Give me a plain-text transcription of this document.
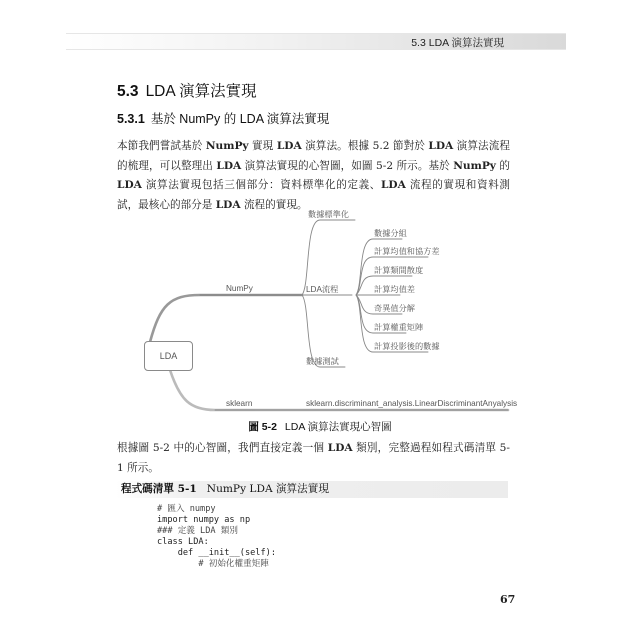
5.3 LDA 演算法實現
5.3 LDA 演算法實現
5.3.1 基於 NumPy 的 LDA 演算法實現
本節我們嘗試基於 NumPy 實現 LDA 演算法。根據 5.2 節對於 LDA 演算法流程的梳理，可以整理出 LDA 演算法實現的心智圖，如圖 5-2 所示。基於 NumPy 的 LDA 演算法實現包括三個部分：資料標準化的定義、LDA 流程的實現和資料測試，最核心的部分是 LDA 流程的實現。
LDA
NumPy
sklearn
數據標準化
LDA流程
數據測試
數據分組
計算均值和協方差
計算類間散度
計算均值差
奇異值分解
計算權重矩陣
計算投影後的數據
sklearn.discriminant_analysis.LinearDiscriminantAnyalysis
圖 5-2 LDA 演算法實現心智圖
根據圖 5-2 中的心智圖，我們直接定義一個 LDA 類別，完整過程如程式碼清單 5-1 所示。
程式碼清單 5-1 NumPy LDA 演算法實現
# 匯入 numpy
import numpy as np
### 定義 LDA 類別
class LDA:
def __init__(self):
# 初始化權重矩陣
67
